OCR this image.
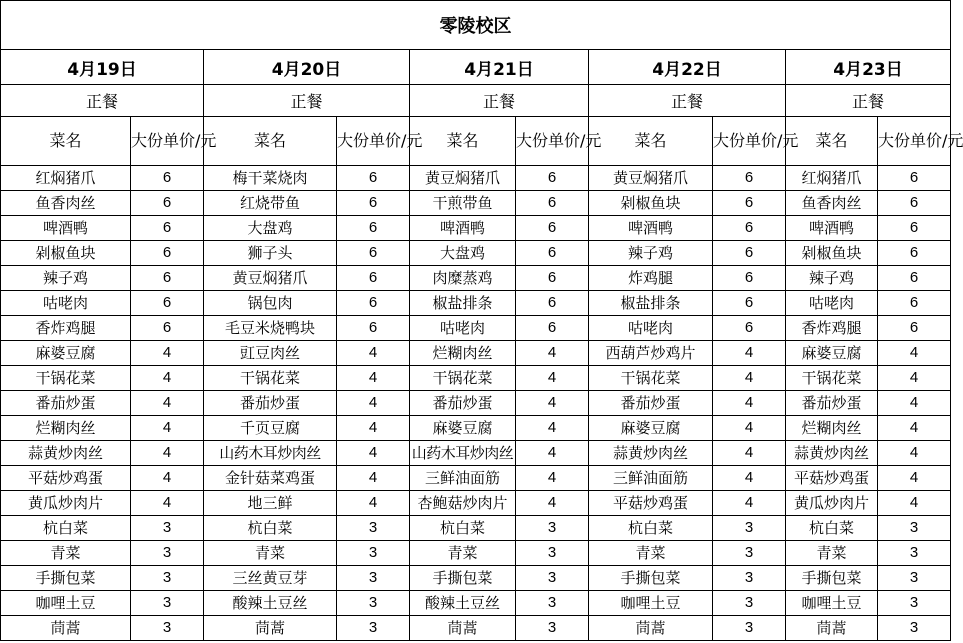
零陵校区									
4月19日		4月20日		4月21日		4月22日		4月23日	
正餐		正餐		正餐		正餐		正餐	
菜名	大份单价/元	菜名	大份单价/元	菜名	大份单价/元	菜名	大份单价/元	菜名	大份单价/元
红焖猪爪	6	梅干菜烧肉	6	黄豆焖猪爪	6	黄豆焖猪爪	6	红焖猪爪	6
鱼香肉丝	6	红烧带鱼	6	干煎带鱼	6	剁椒鱼块	6	鱼香肉丝	6
啤酒鸭	6	大盘鸡	6	啤酒鸭	6	啤酒鸭	6	啤酒鸭	6
剁椒鱼块	6	狮子头	6	大盘鸡	6	辣子鸡	6	剁椒鱼块	6
辣子鸡	6	黄豆焖猪爪	6	肉糜蒸鸡	6	炸鸡腿	6	辣子鸡	6
咕咾肉	6	锅包肉	6	椒盐排条	6	椒盐排条	6	咕咾肉	6
香炸鸡腿	6	毛豆米烧鸭块	6	咕咾肉	6	咕咾肉	6	香炸鸡腿	6
麻婆豆腐	4	豇豆肉丝	4	烂糊肉丝	4	西葫芦炒鸡片	4	麻婆豆腐	4
干锅花菜	4	干锅花菜	4	干锅花菜	4	干锅花菜	4	干锅花菜	4
番茄炒蛋	4	番茄炒蛋	4	番茄炒蛋	4	番茄炒蛋	4	番茄炒蛋	4
烂糊肉丝	4	千页豆腐	4	麻婆豆腐	4	麻婆豆腐	4	烂糊肉丝	4
蒜黄炒肉丝	4	山药木耳炒肉丝	4	山药木耳炒肉丝	4	蒜黄炒肉丝	4	蒜黄炒肉丝	4
平菇炒鸡蛋	4	金针菇菜鸡蛋	4	三鲜油面筋	4	三鲜油面筋	4	平菇炒鸡蛋	4
黄瓜炒肉片	4	地三鲜	4	杏鲍菇炒肉片	4	平菇炒鸡蛋	4	黄瓜炒肉片	4
杭白菜	3	杭白菜	3	杭白菜	3	杭白菜	3	杭白菜	3
青菜	3	青菜	3	青菜	3	青菜	3	青菜	3
手撕包菜	3	三丝黄豆芽	3	手撕包菜	3	手撕包菜	3	手撕包菜	3
咖哩土豆	3	酸辣土豆丝	3	酸辣土豆丝	3	咖哩土豆	3	咖哩土豆	3
茼蒿	3	茼蒿	3	茼蒿	3	茼蒿	3	茼蒿	3
